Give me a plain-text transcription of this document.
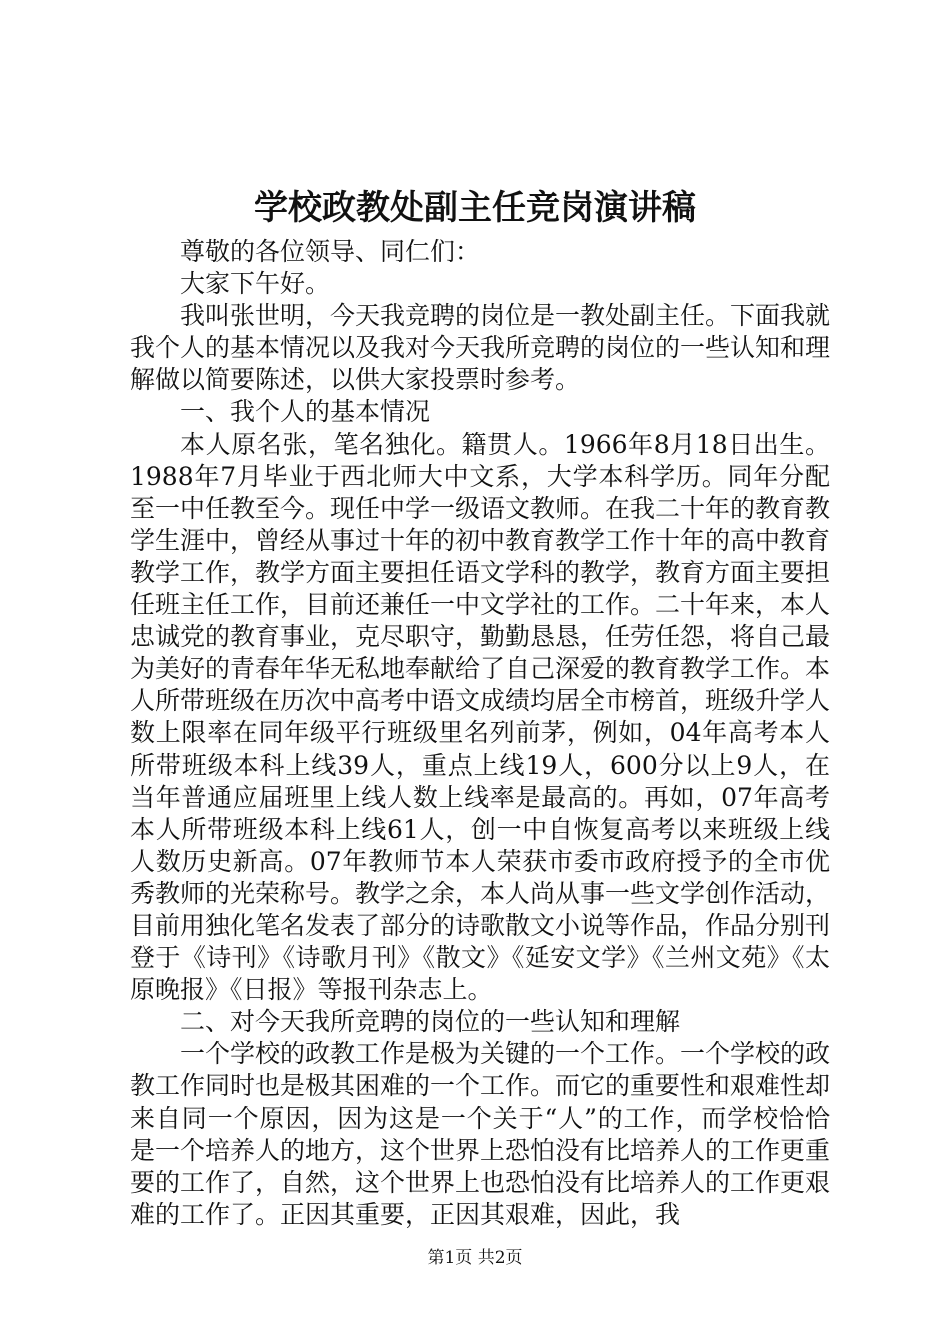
学校政教处副主任竞岗演讲稿

尊敬的各位领导、同仁们：

大家下午好。

我叫张世明，今天我竞聘的岗位是一教处副主任。下面我就我个人的基本情况以及我对今天我所竞聘的岗位的一些认知和理解做以简要陈述，以供大家投票时参考。

一、我个人的基本情况

本人原名张，笔名独化。籍贯人。1966年8月18日出生。1988年7月毕业于西北师大中文系，大学本科学历。同年分配至一中任教至今。现任中学一级语文教师。在我二十年的教育教学生涯中，曾经从事过十年的初中教育教学工作十年的高中教育教学工作，教学方面主要担任语文学科的教学，教育方面主要担任班主任工作，目前还兼任一中文学社的工作。二十年来，本人忠诚党的教育事业，克尽职守，勤勤恳恳，任劳任怨，将自己最为美好的青春年华无私地奉献给了自己深爱的教育教学工作。本人所带班级在历次中高考中语文成绩均居全市榜首，班级升学人数上限率在同年级平行班级里名列前茅，例如，04年高考本人所带班级本科上线39人，重点上线19人，600分以上9人，在当年普通应届班里上线人数上线率是最高的。再如，07年高考本人所带班级本科上线61人，创一中自恢复高考以来班级上线人数历史新高。07年教师节本人荣获市委市政府授予的全市优秀教师的光荣称号。教学之余，本人尚从事一些文学创作活动，目前用独化笔名发表了部分的诗歌散文小说等作品，作品分别刊登于《诗刊》《诗歌月刊》《散文》《延安文学》《兰州文苑》《太原晚报》《日报》等报刊杂志上。

二、对今天我所竞聘的岗位的一些认知和理解

一个学校的政教工作是极为关键的一个工作。一个学校的政教工作同时也是极其困难的一个工作。而它的重要性和艰难性却来自同一个原因，因为这是一个关于“人”的工作，而学校恰恰是一个培养人的地方，这个世界上恐怕没有比培养人的工作更重要的工作了，自然，这个世界上也恐怕没有比培养人的工作更艰难的工作了。正因其重要，正因其艰难，因此，我

第1页 共2页
